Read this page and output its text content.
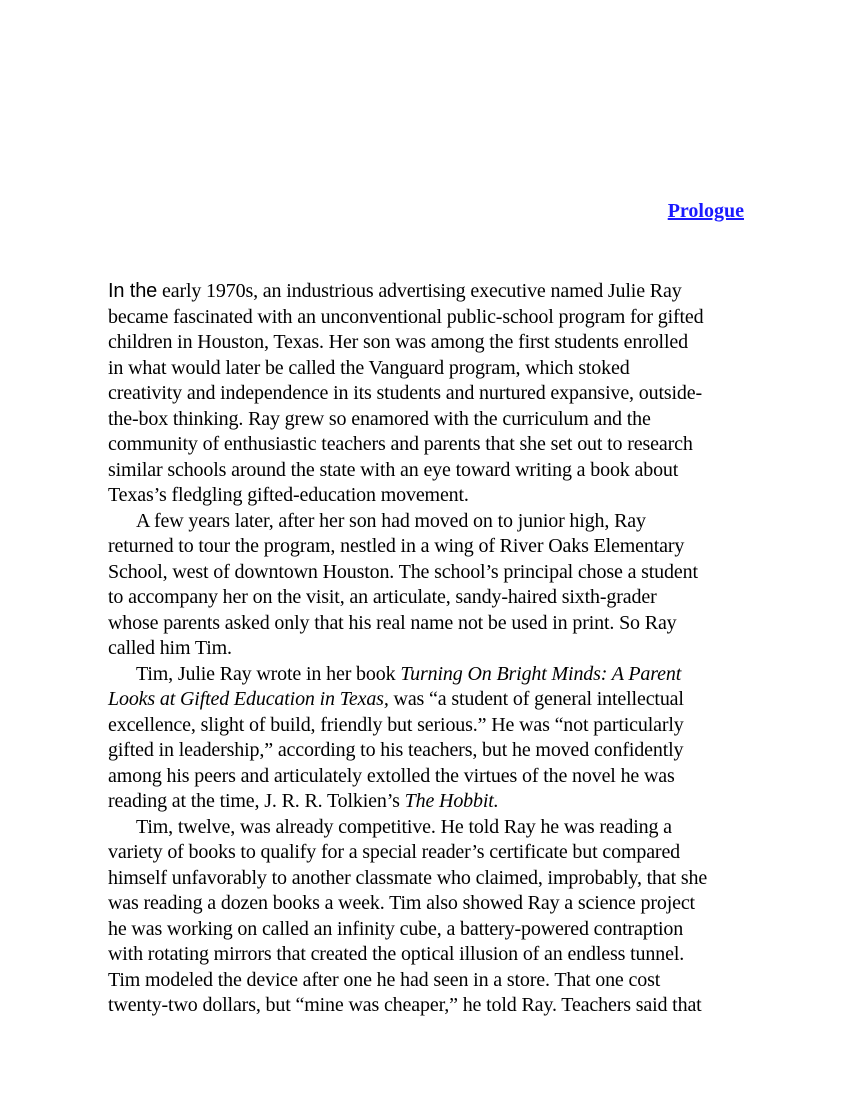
Prologue
In the early 1970s, an industrious advertising executive named Julie Ray
became fascinated with an unconventional public-school program for gifted
children in Houston, Texas. Her son was among the first students enrolled
in what would later be called the Vanguard program, which stoked
creativity and independence in its students and nurtured expansive, outside-
the-box thinking. Ray grew so enamored with the curriculum and the
community of enthusiastic teachers and parents that she set out to research
similar schools around the state with an eye toward writing a book about
Texas’s fledgling gifted-education movement.
A few years later, after her son had moved on to junior high, Ray
returned to tour the program, nestled in a wing of River Oaks Elementary
School, west of downtown Houston. The school’s principal chose a student
to accompany her on the visit, an articulate, sandy-haired sixth-grader
whose parents asked only that his real name not be used in print. So Ray
called him Tim.
Tim, Julie Ray wrote in her book Turning On Bright Minds: A Parent
Looks at Gifted Education in Texas, was “a student of general intellectual
excellence, slight of build, friendly but serious.” He was “not particularly
gifted in leadership,” according to his teachers, but he moved confidently
among his peers and articulately extolled the virtues of the novel he was
reading at the time, J. R. R. Tolkien’s The Hobbit.
Tim, twelve, was already competitive. He told Ray he was reading a
variety of books to qualify for a special reader’s certificate but compared
himself unfavorably to another classmate who claimed, improbably, that she
was reading a dozen books a week. Tim also showed Ray a science project
he was working on called an infinity cube, a battery-powered contraption
with rotating mirrors that created the optical illusion of an endless tunnel.
Tim modeled the device after one he had seen in a store. That one cost
twenty-two dollars, but “mine was cheaper,” he told Ray. Teachers said that
